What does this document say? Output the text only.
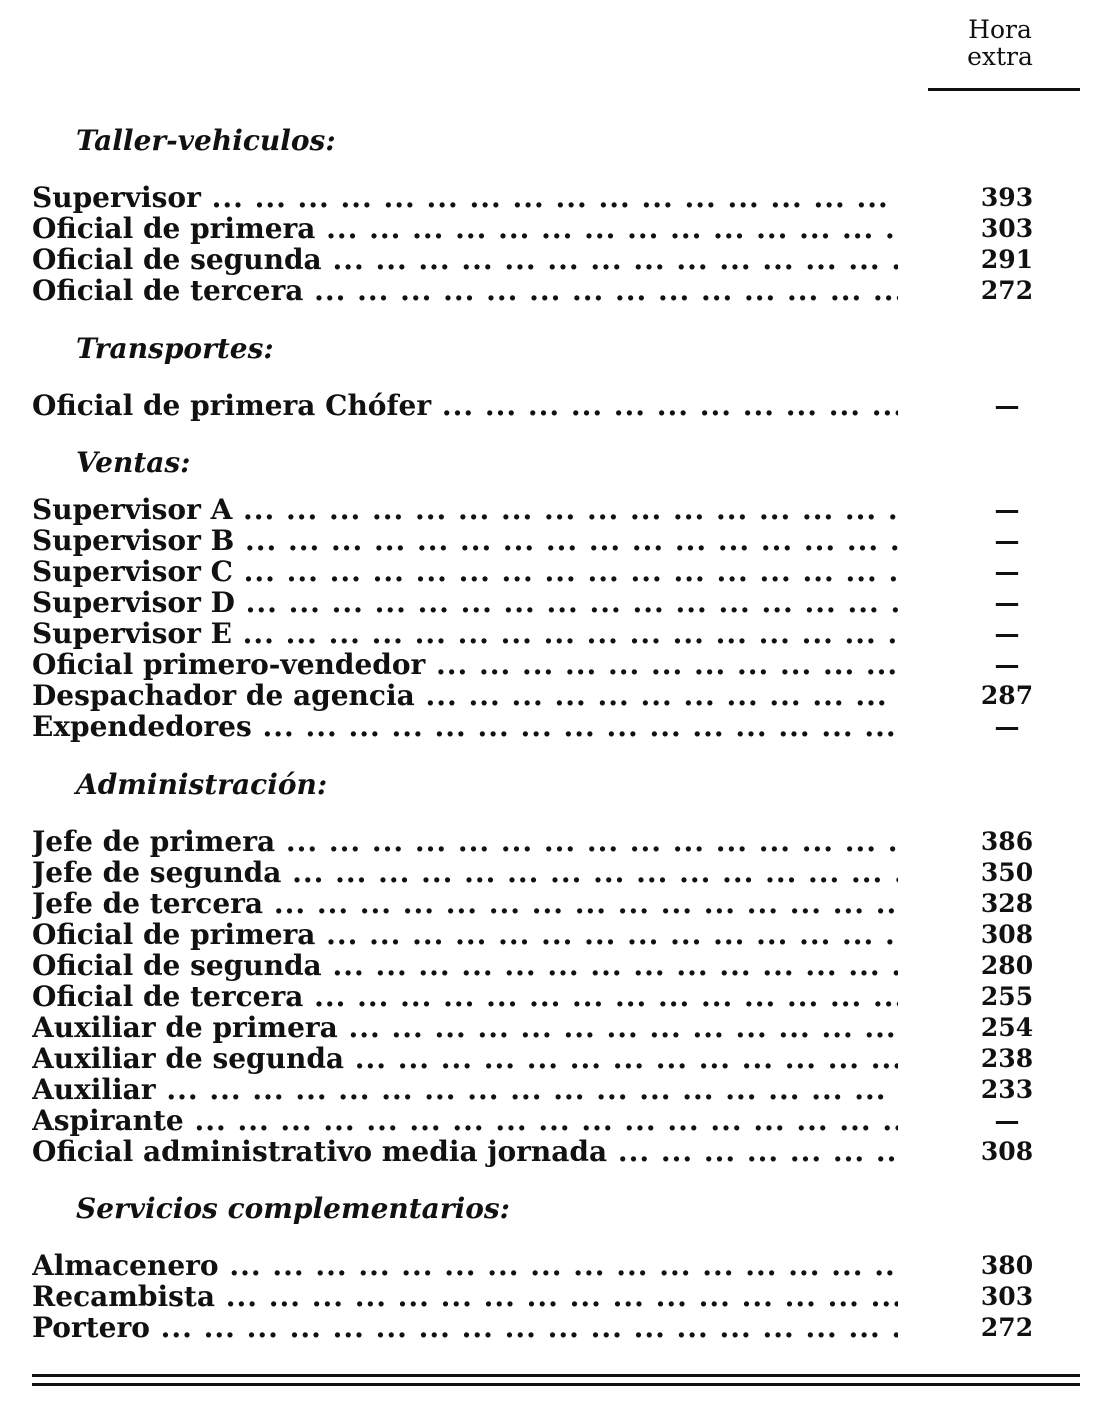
Hora
extra
Taller-vehiculos:
Supervisor ... .	393
Oficial de primera ... .	303
Oficial de segunda ... .	291
Oficial de tercera ... .	272
Transportes:
Oficial de primera Chófer ... .	—
Ventas:
Supervisor A ... .	—
Supervisor B ... .	—
Supervisor C ... .	—
Supervisor D ... .	—
Supervisor E ... .	—
Oficial primero-vendedor ... .	—
Despachador de agencia ... .	287
Expendedores ... .	—
Administración:
Jefe de primera ... .	386
Jefe de segunda ... .	350
Jefe de tercera ... .	328
Oficial de primera ... .	308
Oficial de segunda ... .	280
Oficial de tercera ... .	255
Auxiliar de primera ... .	254
Auxiliar de segunda ... .	238
Auxiliar ... .	233
Aspirante ... .	—
Oficial administrativo media jornada ... .	308
Servicios complementarios:
Almacenero ... .	380
Recambista ... .	303
Portero ... .	272
